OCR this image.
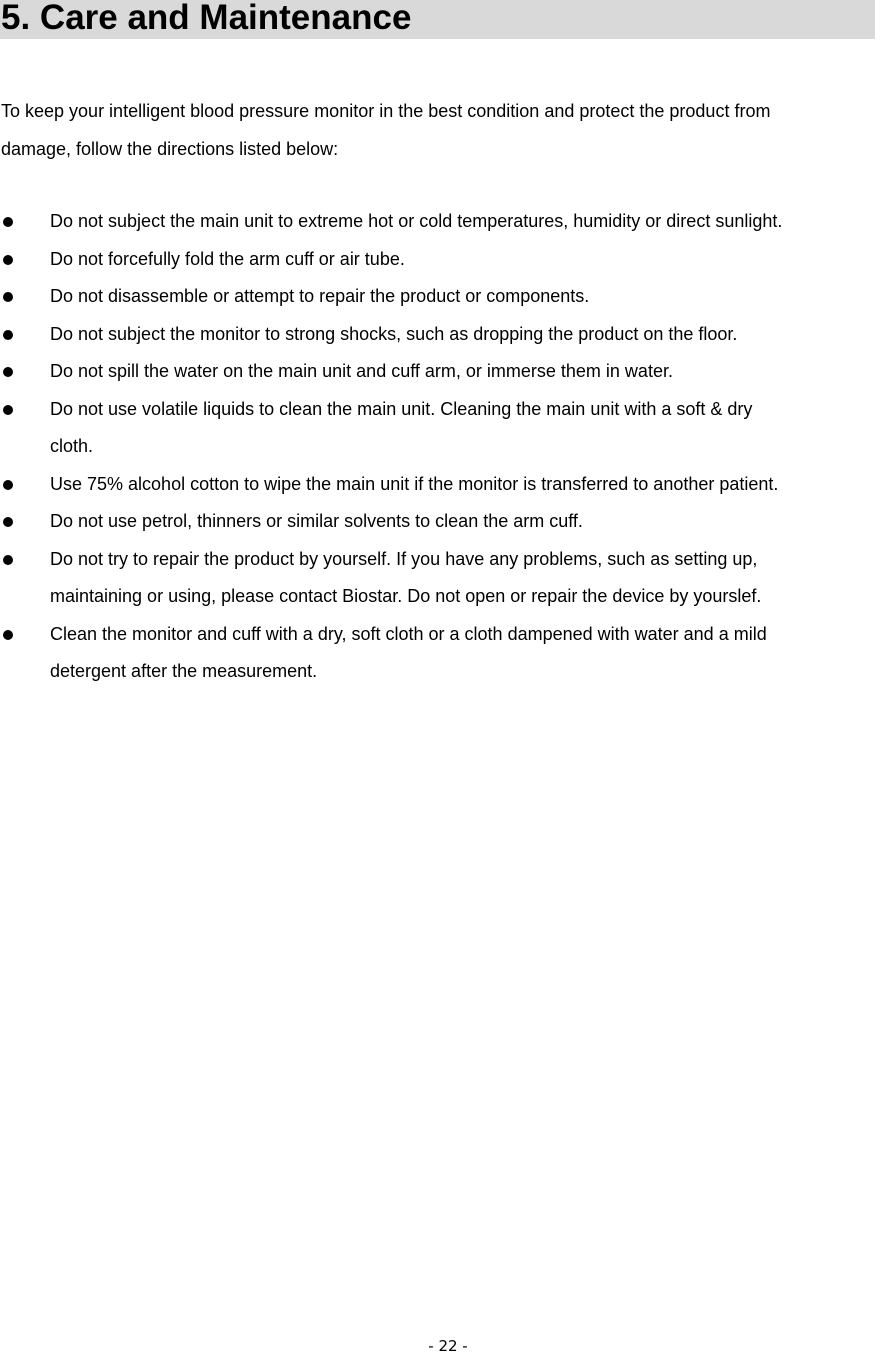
5. Care and Maintenance
To keep your intelligent blood pressure monitor in the best condition and protect the product from
damage, follow the directions listed below:
Do not subject the main unit to extreme hot or cold temperatures, humidity or direct sunlight.
Do not forcefully fold the arm cuff or air tube.
Do not disassemble or attempt to repair the product or components.
Do not subject the monitor to strong shocks, such as dropping the product on the floor.
Do not spill the water on the main unit and cuff arm, or immerse them in water.
Do not use volatile liquids to clean the main unit. Cleaning the main unit with a soft & dry
cloth.
Use 75% alcohol cotton to wipe the main unit if the monitor is transferred to another patient.
Do not use petrol, thinners or similar solvents to clean the arm cuff.
Do not try to repair the product by yourself. If you have any problems, such as setting up,
maintaining or using, please contact Biostar. Do not open or repair the device by yourslef.
Clean the monitor and cuff with a dry, soft cloth or a cloth dampened with water and a mild
detergent after the measurement.
- 22 -
